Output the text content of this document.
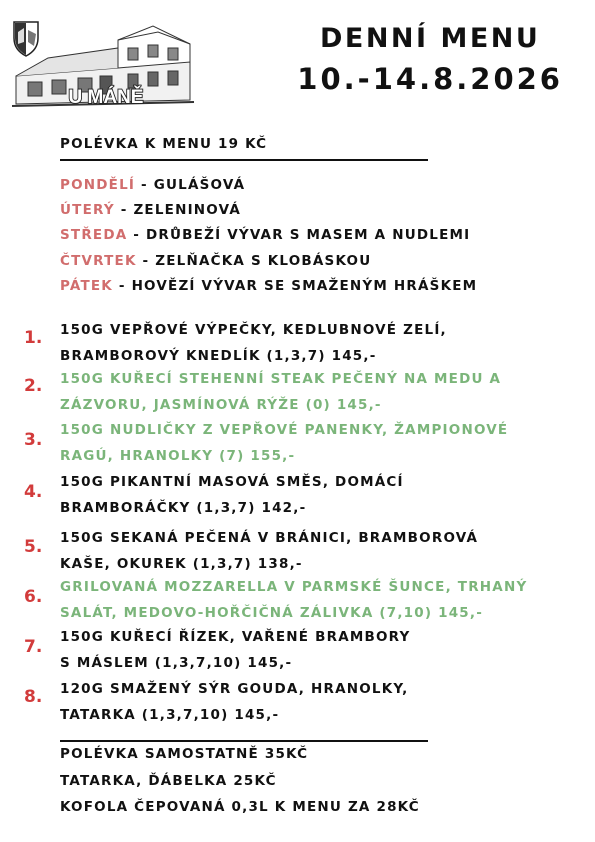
U MÁNĚ
DENNÍ MENU
10.-14.8.2026
POLÉVKA K MENU 19 KČ
PONDĚLÍ - GULÁŠOVÁ
ÚTERÝ - ZELENINOVÁ
STŘEDA - DRŮBEŽÍ VÝVAR S MASEM A NUDLEMI
ČTVRTEK - ZELŇAČKA S KLOBÁSKOU
PÁTEK - HOVĚZÍ VÝVAR SE SMAŽENÝM HRÁŠKEM
1. 150G VEPŘOVÉ VÝPEČKY, KEDLUBNOVÉ ZELÍ,
BRAMBOROVÝ KNEDLÍK (1,3,7) 145,-
2. 150G KUŘECÍ STEHENNÍ STEAK PEČENÝ NA MEDU A
ZÁZVORU, JASMÍNOVÁ RÝŽE (0) 145,-
3. 150G NUDLIČKY Z VEPŘOVÉ PANENKY, ŽAMPIONOVÉ
RAGÚ, HRANOLKY (7) 155,-
4. 150G PIKANTNÍ MASOVÁ SMĚS, DOMÁCÍ
BRAMBORÁČKY (1,3,7) 142,-
5. 150G SEKANÁ PEČENÁ V BRÁNICI, BRAMBOROVÁ
KAŠE, OKUREK (1,3,7) 138,-
6. GRILOVANÁ MOZZARELLA V PARMSKÉ ŠUNCE, TRHANÝ
SALÁT, MEDOVO-HOŘČIČNÁ ZÁLIVKA (7,10) 145,-
7. 150G KUŘECÍ ŘÍZEK, VAŘENÉ BRAMBORY
S MÁSLEM (1,3,7,10) 145,-
8. 120G SMAŽENÝ SÝR GOUDA, HRANOLKY,
TATARKA (1,3,7,10) 145,-
POLÉVKA SAMOSTATNĚ 35KČ
TATARKA, ĎÁBELKA 25KČ
KOFOLA ČEPOVANÁ 0,3L K MENU ZA 28KČ
